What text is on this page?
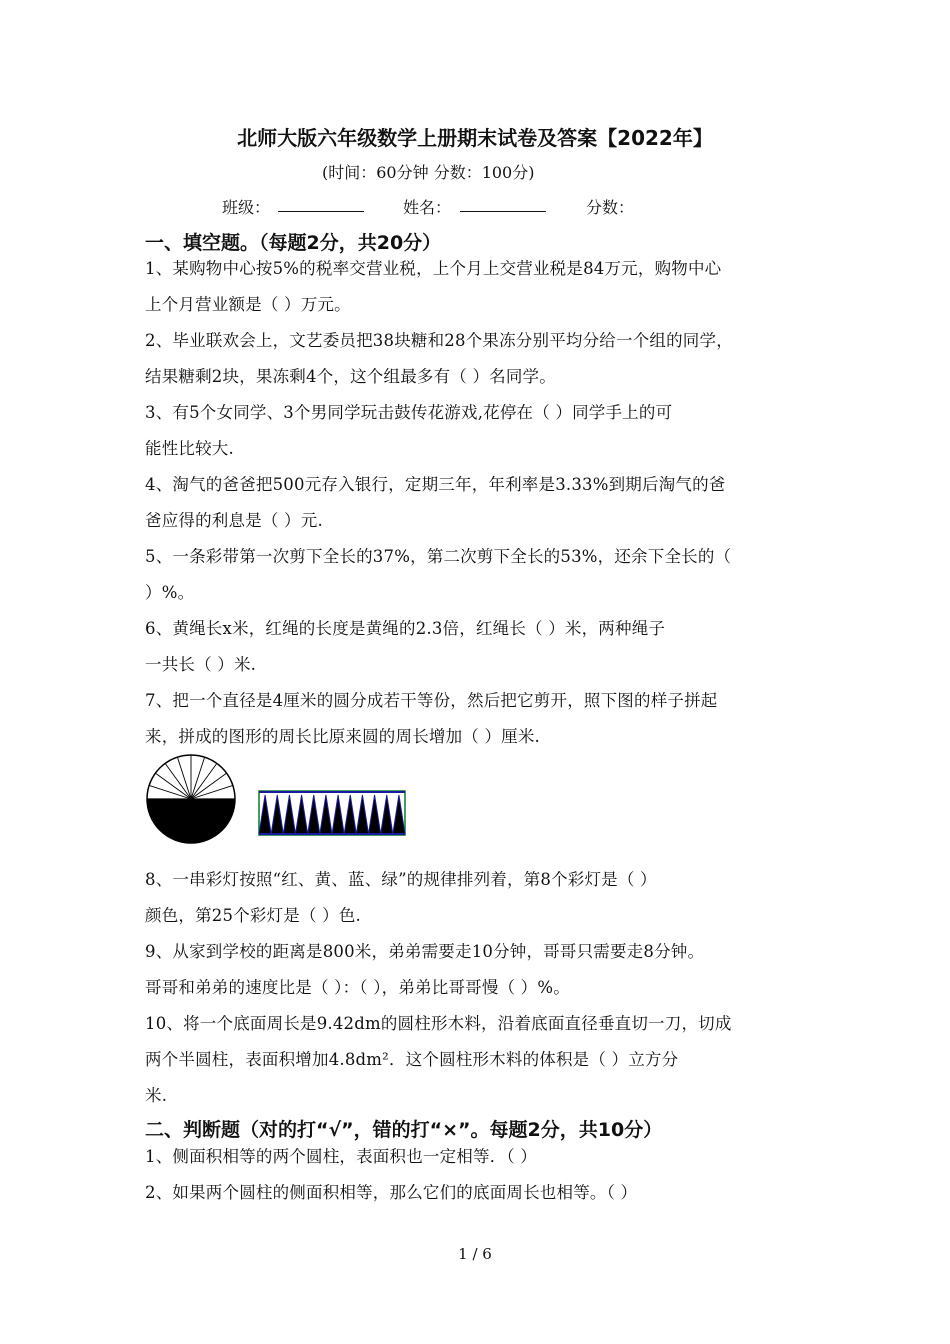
北师大版六年级数学上册期末试卷及答案【2022年】
(时间：60分钟 分数：100分)
班级：	姓名：	分数：
一、填空题。（每题2分，共20分）
1、某购物中心按5%的税率交营业税，上个月上交营业税是84万元，购物中心
上个月营业额是（ ）万元。
2、毕业联欢会上，文艺委员把38块糖和28个果冻分别平均分给一个组的同学，
结果糖剩2块，果冻剩4个，这个组最多有（ ）名同学。
3、有5个女同学、3个男同学玩击鼓传花游戏,花停在（ ）同学手上的可
能性比较大.
4、淘气的爸爸把500元存入银行，定期三年，年利率是3.33%到期后淘气的爸
爸应得的利息是（ ）元.
5、一条彩带第一次剪下全长的37%，第二次剪下全长的53%，还余下全长的（
）%。
6、黄绳长x米，红绳的长度是黄绳的2.3倍，红绳长（ ）米，两种绳子
一共长（ ）米.
7、把一个直径是4厘米的圆分成若干等份，然后把它剪开，照下图的样子拼起
来，拼成的图形的周长比原来圆的周长增加（ ）厘米.
8、一串彩灯按照“红、黄、蓝、绿”的规律排列着，第8个彩灯是（ ）
颜色，第25个彩灯是（ ）色.
9、从家到学校的距离是800米，弟弟需要走10分钟，哥哥只需要走8分钟。
哥哥和弟弟的速度比是（ ）：（ ），弟弟比哥哥慢（ ）%。
10、将一个底面周长是9.42dm的圆柱形木料，沿着底面直径垂直切一刀，切成
两个半圆柱，表面积增加4.8dm²．这个圆柱形木料的体积是（ ）立方分
米.
二、判断题（对的打“√”，错的打“×”。每题2分，共10分）
1、侧面积相等的两个圆柱，表面积也一定相等．（ ）
2、如果两个圆柱的侧面积相等，那么它们的底面周长也相等。（ ）
1 / 6
